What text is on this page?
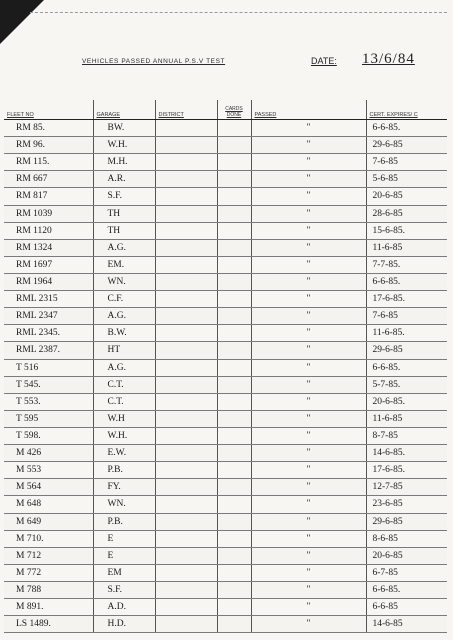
VEHICLES PASSED ANNUAL P.S.V TEST	DATE: 13/6/84
FLEET NO	GARAGE	DISTRICT	CARDS DONE	PASSED	CERT. EXPIRES/ C
RM 85.	BW.			"	6-6-85.
RM 96.	W.H.			"	29-6-85
RM 115.	M.H.			"	7-6-85
RM 667	A.R.			"	5-6-85
RM 817	S.F.			"	20-6-85
RM 1039	TH			"	28-6-85
RM 1120	TH			"	15-6-85.
RM 1324	A.G.			"	11-6-85
RM 1697	EM.			"	7-7-85.
RM 1964	WN.			"	6-6-85.
RML 2315	C.F.			"	17-6-85.
RML 2347	A.G.			"	7-6-85
RML 2345.	B.W.			"	11-6-85.
RML 2387.	HT			"	29-6-85
T 516	A.G.			"	6-6-85.
T 545.	C.T.			"	5-7-85.
T 553.	C.T.			"	20-6-85.
T 595	W.H			"	11-6-85
T 598.	W.H.			"	8-7-85
M 426	E.W.			"	14-6-85.
M 553	P.B.			"	17-6-85.
M 564	FY.			"	12-7-85
M 648	WN.			"	23-6-85
M 649	P.B.			"	29-6-85
M 710.	E			"	8-6-85
M 712	E			"	20-6-85
M 772	EM			"	6-7-85
M 788	S.F.			"	6-6-85.
M 891.	A.D.			"	6-6-85
LS 1489.	H.D.			"	14-6-85
